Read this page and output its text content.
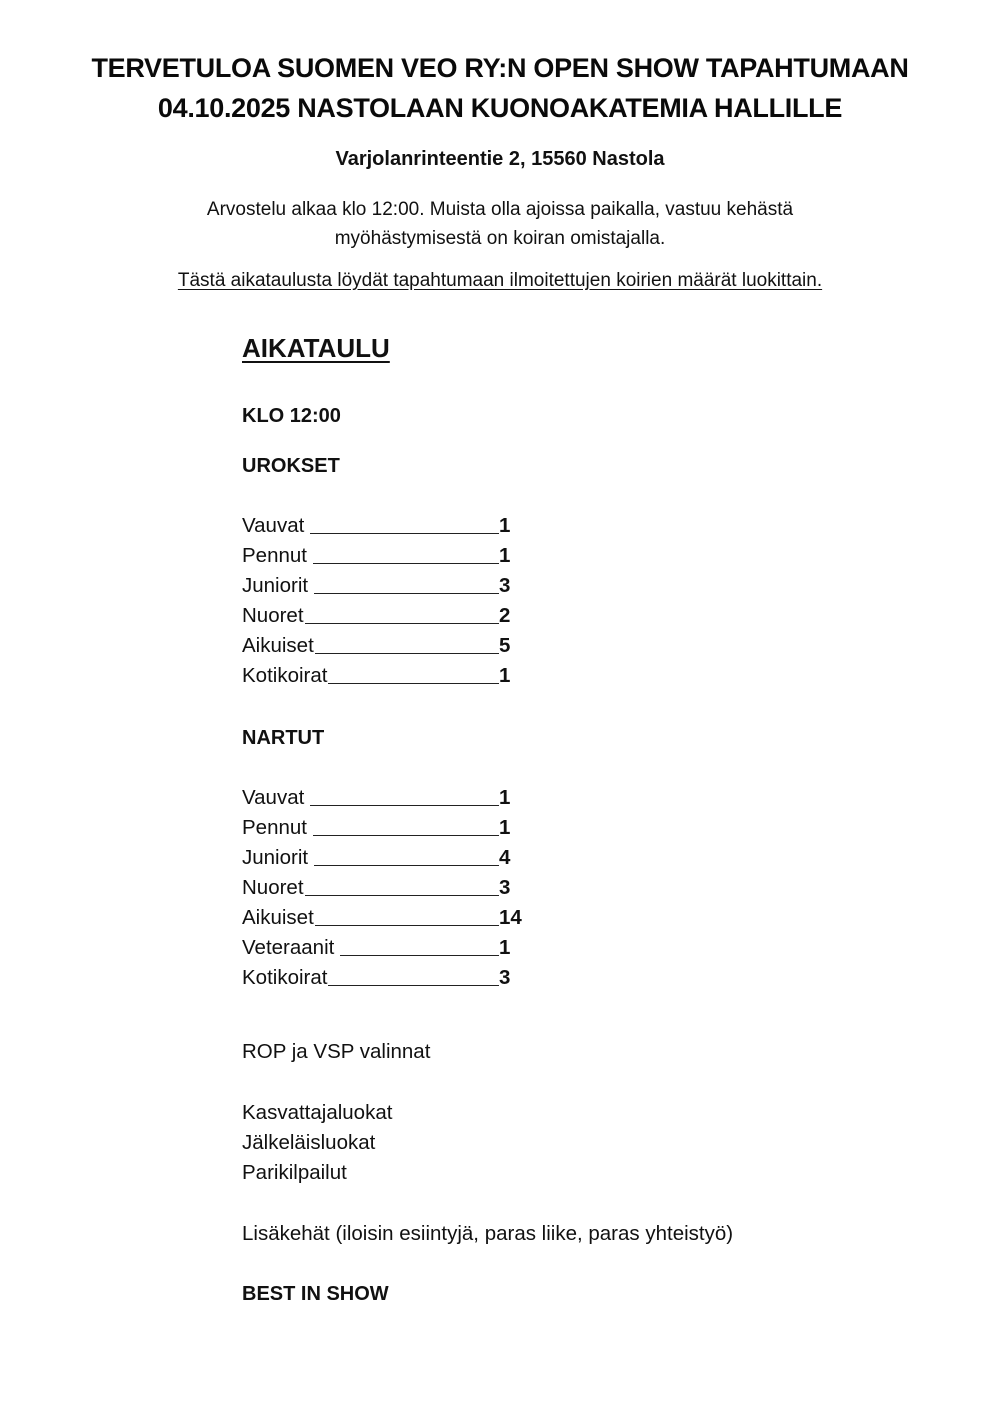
TERVETULOA SUOMEN VEO RY:N OPEN SHOW TAPAHTUMAAN
04.10.2025 NASTOLAAN KUONOAKATEMIA HALLILLE
Varjolanrinteentie 2, 15560 Nastola
Arvostelu alkaa klo 12:00. Muista olla ajoissa paikalla, vastuu kehästä
myöhästymisestä on koiran omistajalla.
Tästä aikataulusta löydät tapahtumaan ilmoitettujen koirien määrät luokittain.
AIKATAULU
KLO 12:00
UROKSET
Vauvat	1
Pennut	1
Juniorit	3
Nuoret	2
Aikuiset	5
Kotikoirat	1
NARTUT
Vauvat	1
Pennut	1
Juniorit	4
Nuoret	3
Aikuiset	14
Veteraanit	1
Kotikoirat	3
ROP ja VSP valinnat
Kasvattajaluokat
Jälkeläisluokat
Parikilpailut
Lisäkehät (iloisin esiintyjä, paras liike, paras yhteistyö)
BEST IN SHOW
